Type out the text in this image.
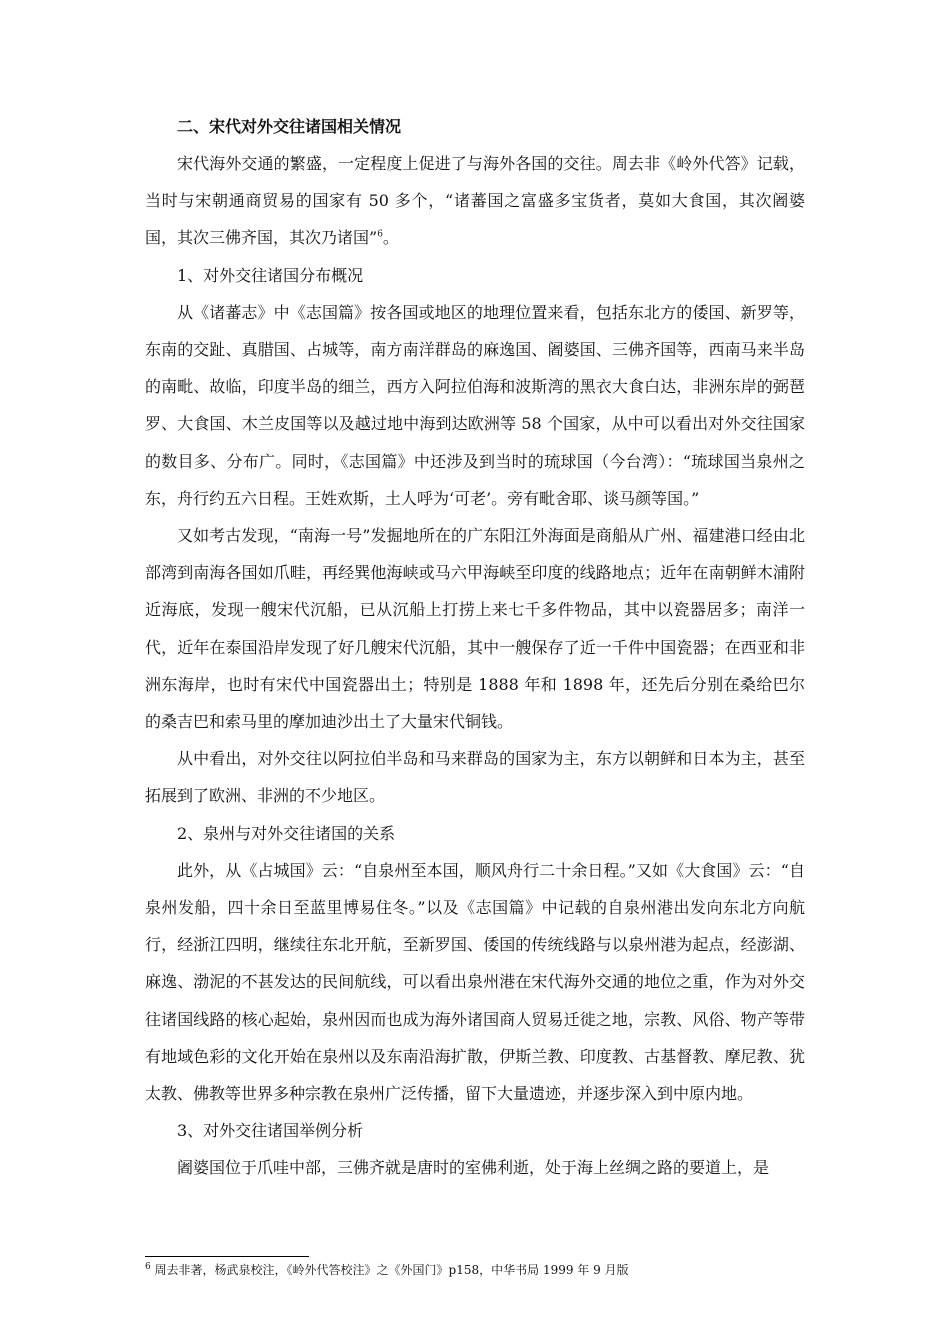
二、宋代对外交往诸国相关情况

宋代海外交通的繁盛，一定程度上促进了与海外各国的交往。周去非《岭外代答》记载，当时与宋朝通商贸易的国家有 50 多个，“诸蕃国之富盛多宝货者，莫如大食国，其次阇婆国，其次三佛齐国，其次乃诸国”$^6$。

1、对外交往诸国分布概况

从《诸蕃志》中《志国篇》按各国或地区的地理位置来看，包括东北方的倭国、新罗等，东南的交趾、真腊国、占城等，南方南洋群岛的麻逸国、阇婆国、三佛齐国等，西南马来半岛的南毗、故临，印度半岛的细兰，西方入阿拉伯海和波斯湾的黑衣大食白达，非洲东岸的弼琶罗、大食国、木兰皮国等以及越过地中海到达欧洲等 58 个国家，从中可以看出对外交往国家的数目多、分布广。同时，《志国篇》中还涉及到当时的琉球国（今台湾）：“琉球国当泉州之东，舟行约五六日程。王姓欢斯，土人呼为‘可老’。旁有毗舍耶、谈马颜等国。”

又如考古发现，“南海一号”发掘地所在的广东阳江外海面是商船从广州、福建港口经由北部湾到南海各国如爪畦，再经巽他海峡或马六甲海峡至印度的线路地点；近年在南朝鲜木浦附近海底，发现一艘宋代沉船，已从沉船上打捞上来七千多件物品，其中以瓷器居多；南洋一代，近年在泰国沿岸发现了好几艘宋代沉船，其中一艘保存了近一千件中国瓷器；在西亚和非洲东海岸，也时有宋代中国瓷器出土；特别是 1888 年和 1898 年，还先后分别在桑给巴尔的桑吉巴和索马里的摩加迪沙出土了大量宋代铜钱。

从中看出，对外交往以阿拉伯半岛和马来群岛的国家为主，东方以朝鲜和日本为主，甚至拓展到了欧洲、非洲的不少地区。

2、泉州与对外交往诸国的关系

此外，从《占城国》云：“自泉州至本国，顺风舟行二十余日程。”又如《大食国》云：“自泉州发船，四十余日至蓝里博易住冬。”以及《志国篇》中记载的自泉州港出发向东北方向航行，经浙江四明，继续往东北开航，至新罗国、倭国的传统线路与以泉州港为起点，经澎湖、麻逸、渤泥的不甚发达的民间航线，可以看出泉州港在宋代海外交通的地位之重，作为对外交往诸国线路的核心起始，泉州因而也成为海外诸国商人贸易迁徙之地，宗教、风俗、物产等带有地域色彩的文化开始在泉州以及东南沿海扩散，伊斯兰教、印度教、古基督教、摩尼教、犹太教、佛教等世界多种宗教在泉州广泛传播，留下大量遗迹，并逐步深入到中原内地。

3、对外交往诸国举例分析

阇婆国位于爪哇中部，三佛齐就是唐时的室佛利逝，处于海上丝绸之路的要道上，是

$^6$ 周去非著，杨武泉校注，《岭外代答校注》之《外国门》p158，中华书局 1999 年 9 月版
